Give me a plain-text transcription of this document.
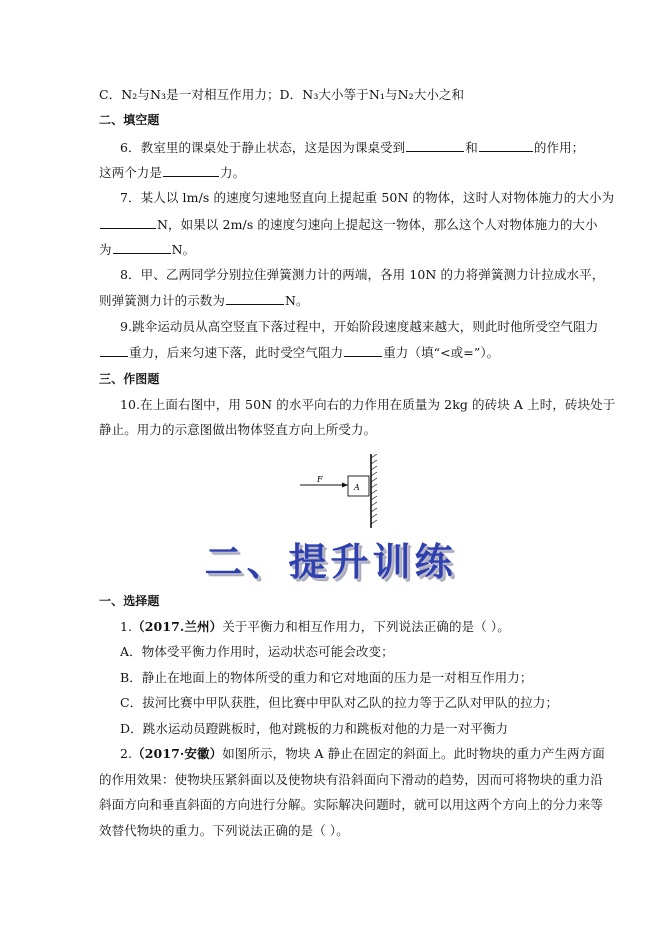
C．N₂与N₃是一对相互作用力；D．N₃大小等于N₁与N₂大小之和
二、填空题
6．教室里的课桌处于静止状态，这是因为课桌受到	和	的作用；
这两个力是	力。
7．某人以 lm/s 的速度匀速地竖直向上提起重 50N 的物体，这时人对物体施力的大小为
N，如果以 2m/s 的速度匀速向上提起这一物体，那么这个人对物体施力的大小
为	N。
8．甲、乙两同学分别拉住弹簧测力计的两端，各用 10N 的力将弹簧测力计拉成水平，
则弹簧测力计的示数为	N。
9.跳伞运动员从高空竖直下落过程中，开始阶段速度越来越大，则此时他所受空气阻力
重力，后来匀速下落，此时受空气阻力	重力（填“<或=”）。
三、作图题
10.在上面右图中，用 50N 的水平向右的力作用在质量为 2kg 的砖块 A 上时，砖块处于
静止。用力的示意图做出物体竖直方向上所受力。
F
A
二、提升训练
一、选择题
1.（2017.兰州）关于平衡力和相互作用力，下列说法正确的是（ ）。
A．物体受平衡力作用时，运动状态可能会改变；
B．静止在地面上的物体所受的重力和它对地面的压力是一对相互作用力；
C．拔河比赛中甲队获胜，但比赛中甲队对乙队的拉力等于乙队对甲队的拉力；
D．跳水运动员蹬跳板时，他对跳板的力和跳板对他的力是一对平衡力
2.（2017·安徽）如图所示，物块 A 静止在固定的斜面上。此时物块的重力产生两方面
的作用效果：使物块压紧斜面以及使物块有沿斜面向下滑动的趋势，因而可将物块的重力沿
斜面方向和垂直斜面的方向进行分解。实际解决问题时，就可以用这两个方向上的分力来等
效替代物块的重力。下列说法正确的是（ ）。
